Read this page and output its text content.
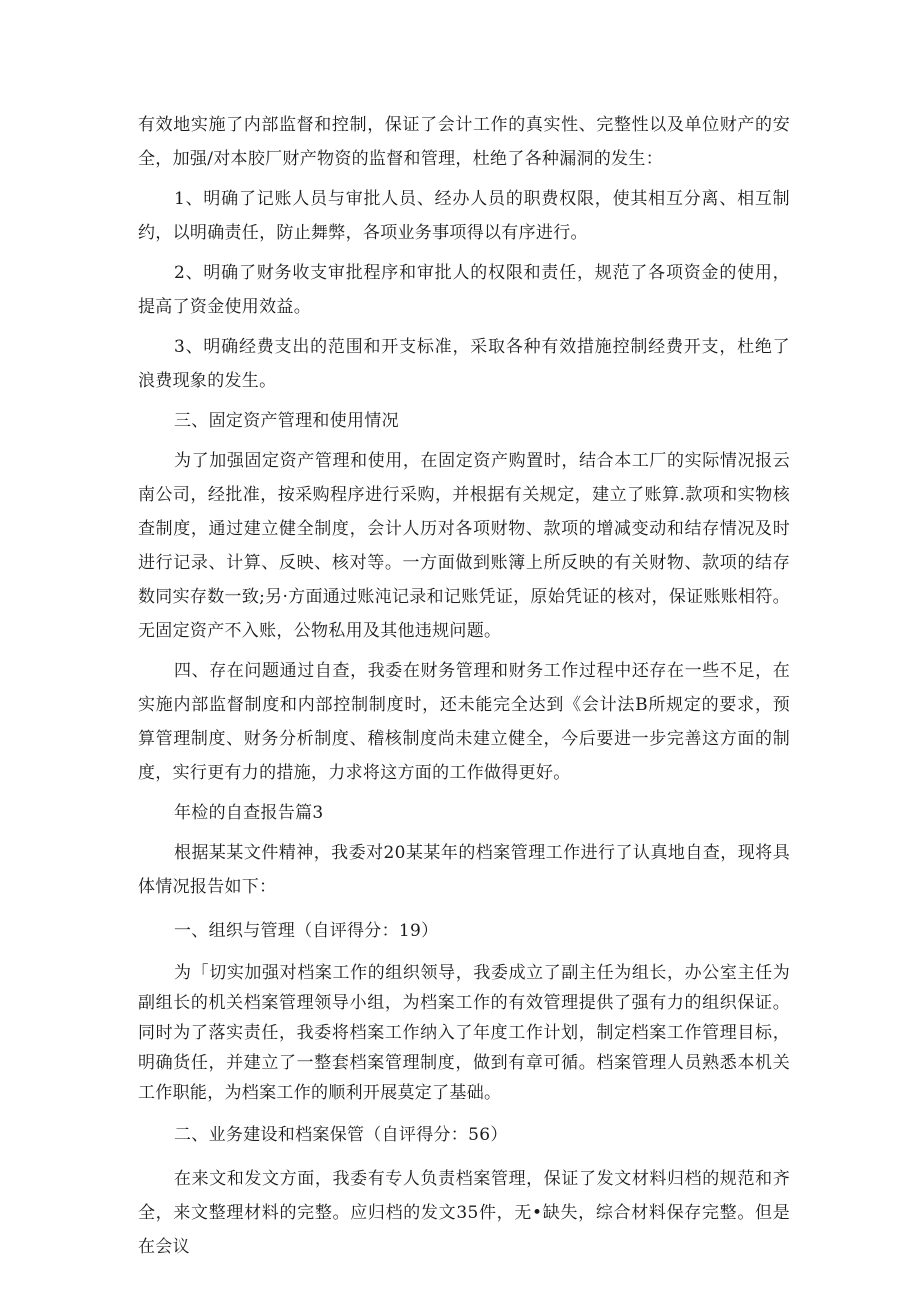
有效地实施了内部监督和控制，保证了会计工作的真实性、完整性以及单位财产的安全，加强/对本胶厂财产物资的监督和管理，杜绝了各种漏洞的发生：

1、明确了记账人员与审批人员、经办人员的职费权限，使其相互分离、相互制约，以明确责任，防止舞弊，各项业务事项得以有序进行。

2、明确了财务收支审批程序和审批人的权限和责任，规范了各项资金的使用，提高了资金使用效益。

3、明确经费支出的范围和开支标准，采取各种有效措施控制经费开支，杜绝了浪费现象的发生。

三、固定资产管理和使用情况

为了加强固定资产管理和使用，在固定资产购置时，结合本工厂的实际情况报云南公司，经批准，按采购程序进行采购，并根据有关规定，建立了账算.款项和实物核查制度，通过建立健全制度，会计人历对各项财物、款项的增减变动和结存情况及时进行记录、计算、反映、核对等。一方面做到账簿上所反映的有关财物、款项的结存数同实存数一致;另·方面通过账沌记录和记账凭证，原始凭证的核对，保证账账相符。无固定资产不入账，公物私用及其他违规问题。

四、存在问题通过自查，我委在财务管理和财务工作过程中还存在一些不足，在实施内部监督制度和内部控制制度时，还未能完全达到《会计法B所规定的要求，预算管理制度、财务分析制度、稽核制度尚未建立健全，今后要进一步完善这方面的制度，实行更有力的措施，力求将这方面的工作做得更好。

年检的自查报告篇3

根据某某文件精神，我委对20某某年的档案管理工作进行了认真地自查，现将具体情况报告如下：

一、组织与管理（自评得分：19）

为「切实加强对档案工作的组织领导，我委成立了副主任为组长，办公室主任为副组长的机关档案管理领导小组，为档案工作的有效管理提供了强有力的组织保证。同时为了落实责任，我委将档案工作纳入了年度工作计划，制定档案工作管理目标，明确货任，并建立了一整套档案管理制度，做到有章可循。档案管理人员熟悉本机关工作职能，为档案工作的顺利开展莫定了基础。

二、业务建设和档案保管（自评得分：56）

在来文和发文方面，我委有专人负责档案管理，保证了发文材料归档的规范和齐全，来文整理材料的完整。应归档的发文35件，无•缺失，综合材料保存完整。但是在会议
